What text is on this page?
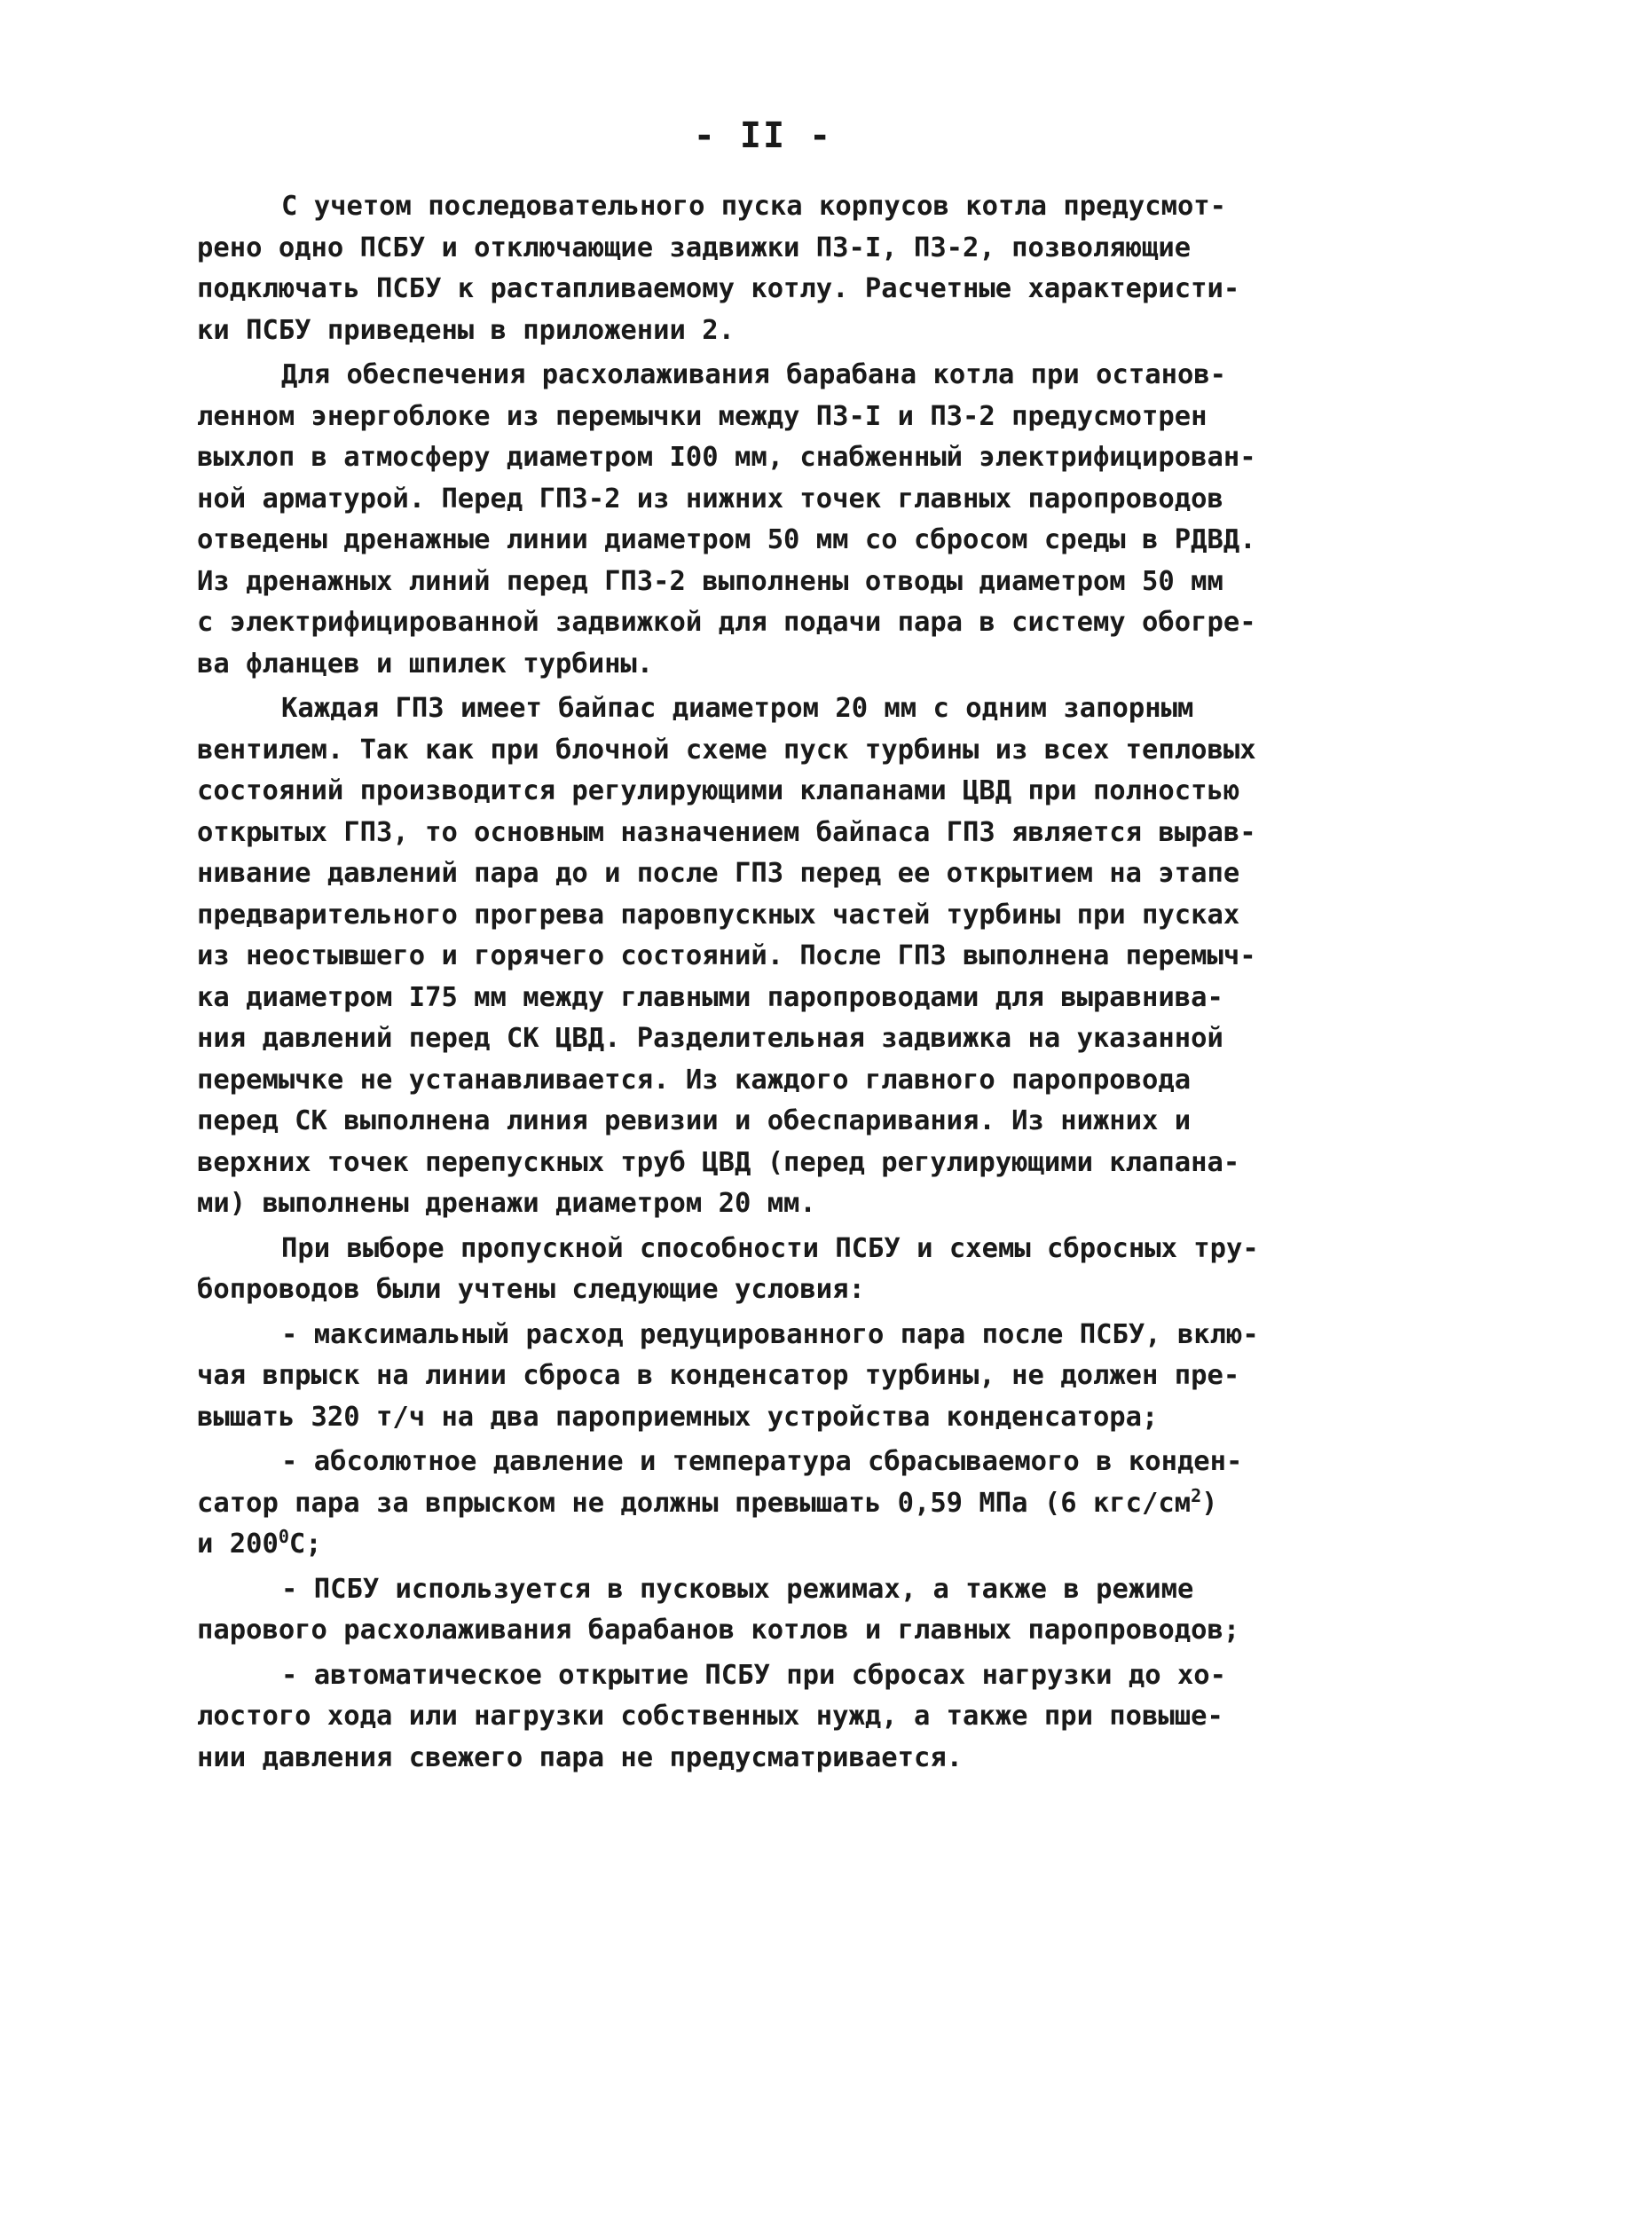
- II -
С учетом последовательного пуска корпусов котла предусмот-
рено одно ПСБУ и отключающие задвижки ПЗ-I, ПЗ-2, позволяющие
подключать ПСБУ к растапливаемому котлу. Расчетные характеристи-
ки ПСБУ приведены в приложении 2.
Для обеспечения расхолаживания барабана котла при останов-
ленном энергоблоке из перемычки между ПЗ-I и ПЗ-2 предусмотрен
выхлоп в атмосферу диаметром I00 мм, снабженный электрифицирован-
ной арматурой. Перед ГПЗ-2 из нижних точек главных паропроводов
отведены дренажные линии диаметром 50 мм со сбросом среды в РДВД.
Из дренажных линий перед ГПЗ-2 выполнены отводы диаметром 50 мм
с электрифицированной задвижкой для подачи пара в систему обогре-
ва фланцев и шпилек турбины.
Каждая ГПЗ имеет байпас диаметром 20 мм с одним запорным
вентилем. Так как при блочной схеме пуск турбины из всех тепловых
состояний производится регулирующими клапанами ЦВД при полностью
открытых ГПЗ, то основным назначением байпаса ГПЗ является вырав-
нивание давлений пара до и после ГПЗ перед ее открытием на этапе
предварительного прогрева паровпускных частей турбины при пусках
из неостывшего и горячего состояний. После ГПЗ выполнена перемыч-
ка диаметром I75 мм между главными паропроводами для выравнива-
ния давлений перед СК ЦВД. Разделительная задвижка на указанной
перемычке не устанавливается. Из каждого главного паропровода
перед СК выполнена линия ревизии и обеспаривания. Из нижних и
верхних точек перепускных труб ЦВД (перед регулирующими клапана-
ми) выполнены дренажи диаметром 20 мм.
При выборе пропускной способности ПСБУ и схемы сбросных тру-
бопроводов были учтены следующие условия:
- максимальный расход редуцированного пара после ПСБУ, вклю-
чая впрыск на линии сброса в конденсатор турбины, не должен пре-
вышать 320 т/ч на два пароприемных устройства конденсатора;
- абсолютное давление и температура сбрасываемого в конден-
сатор пара за впрыском не должны превышать 0,59 МПа (6 кгс/$см^2$)
и $200^0С$;
- ПСБУ используется в пусковых режимах, а также в режиме
парового расхолаживания барабанов котлов и главных паропроводов;
- автоматическое открытие ПСБУ при сбросах нагрузки до хо-
лостого хода или нагрузки собственных нужд, а также при повыше-
нии давления свежего пара не предусматривается.
